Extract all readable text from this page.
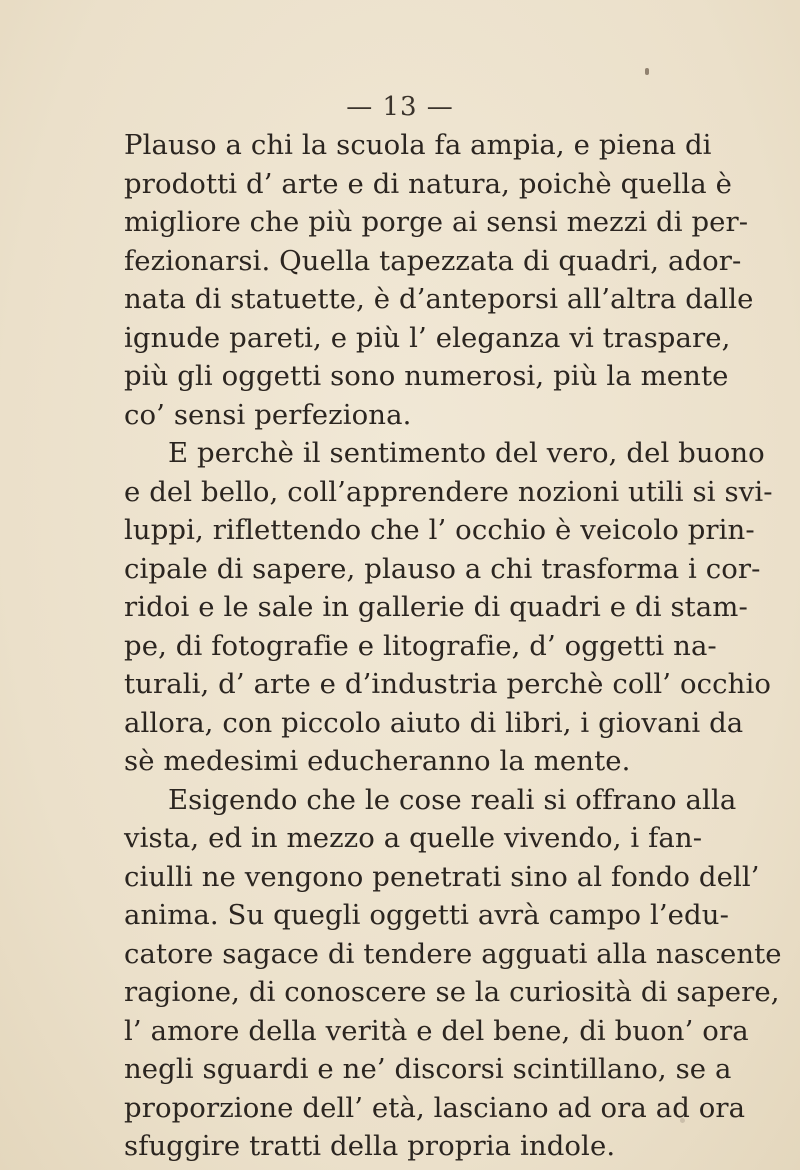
— 13 —
Plauso a chi la scuola fa ampia, e piena di
prodotti d’ arte e di natura, poichè quella è
migliore che più porge ai sensi mezzi di per-
fezionarsi. Quella tapezzata di quadri, ador-
nata di statuette, è d’anteporsi all’altra dalle
ignude pareti, e più l’ eleganza vi traspare,
più gli oggetti sono numerosi, più la mente
co’ sensi perfeziona.
E perchè il sentimento del vero, del buono
e del bello, coll’apprendere nozioni utili si svi-
luppi, riflettendo che l’ occhio è veicolo prin-
cipale di sapere, plauso a chi trasforma i cor-
ridoi e le sale in gallerie di quadri e di stam-
pe, di fotografie e litografie, d’ oggetti na-
turali, d’ arte e d’industria perchè coll’ occhio
allora, con piccolo aiuto di libri, i giovani da
sè medesimi educheranno la mente.
Esigendo che le cose reali si offrano alla
vista, ed in mezzo a quelle vivendo, i fan-
ciulli ne vengono penetrati sino al fondo dell’
anima. Su quegli oggetti avrà campo l’edu-
catore sagace di tendere agguati alla nascente
ragione, di conoscere se la curiosità di sapere,
l’ amore della verità e del bene, di buon’ ora
negli sguardi e ne’ discorsi scintillano, se a
proporzione dell’ età, lasciano ad ora ad ora
sfuggire tratti della propria indole.
